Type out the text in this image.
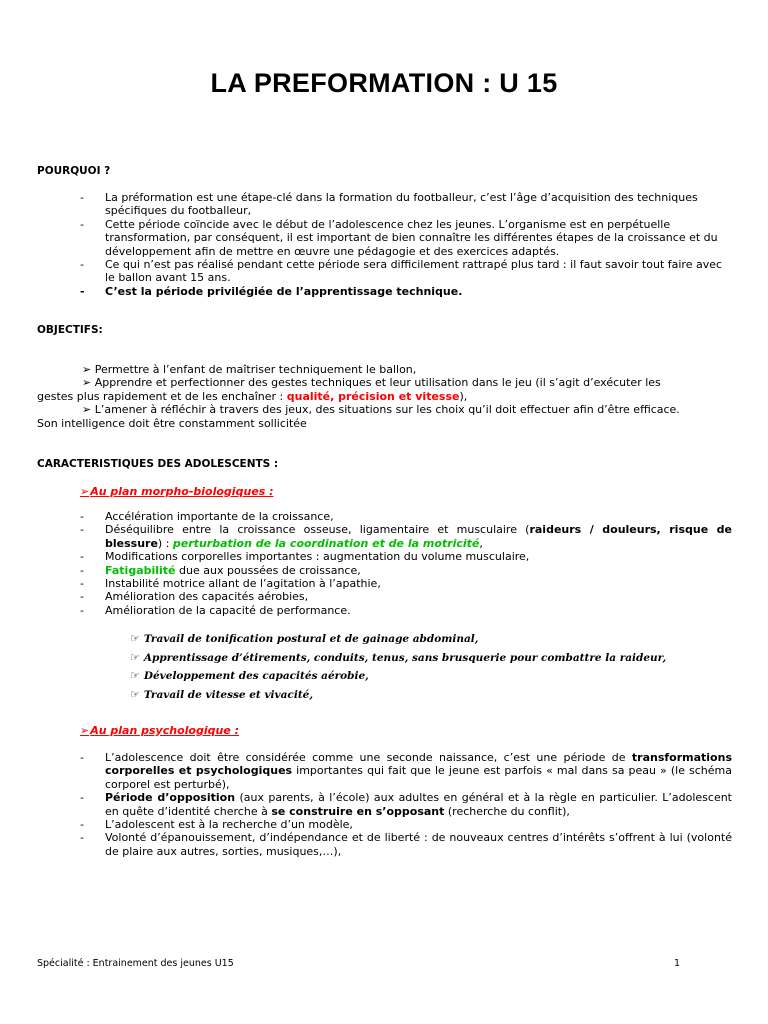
LA PREFORMATION : U 15

POURQUOI ?

- La préformation est une étape-clé dans la formation du footballeur, c’est l’âge d’acquisition des techniques spécifiques du footballeur,
- Cette période coïncide avec le début de l’adolescence chez les jeunes. L’organisme est en perpétuelle transformation, par conséquent, il est important de bien connaître les différentes étapes de la croissance et du développement afin de mettre en œuvre une pédagogie et des exercices adaptés.
- Ce qui n’est pas réalisé pendant cette période sera difficilement rattrapé plus tard : il faut savoir tout faire avec le ballon avant 15 ans.
- C’est la période privilégiée de l’apprentissage technique.

OBJECTIFS:

➢ Permettre à l’enfant de maîtriser techniquement le ballon,

➢ Apprendre et perfectionner des gestes techniques et leur utilisation dans le jeu (il s’agit d’exécuter les

gestes plus rapidement et de les enchaîner : qualité, précision et vitesse),

➢ L’amener à réfléchir à travers des jeux, des situations sur les choix qu’il doit effectuer afin d’être efficace.

Son intelligence doit être constamment sollicitée

CARACTERISTIQUES DES ADOLESCENTS :

➢Au plan morpho-biologiques :

- Accélération importante de la croissance,
- Déséquilibre entre la croissance osseuse, ligamentaire et musculaire (raideurs / douleurs, risque de blessure) : perturbation de la coordination et de la motricité,
- Modifications corporelles importantes : augmentation du volume musculaire,
- Fatigabilité due aux poussées de croissance,
- Instabilité motrice allant de l’agitation à l’apathie,
- Amélioration des capacités aérobies,
- Amélioration de la capacité de performance.
☞ Travail de tonification postural et de gainage abdominal,
☞ Apprentissage d’étirements, conduits, tenus, sans brusquerie pour combattre la raideur,
☞ Développement des capacités aérobie,
☞ Travail de vitesse et vivacité,

➢Au plan psychologique :

- L’adolescence doit être considérée comme une seconde naissance, c’est une période de transformations corporelles et psychologiques importantes qui fait que le jeune est parfois « mal dans sa peau » (le schéma corporel est perturbé),
- Période d’opposition (aux parents, à l’école) aux adultes en général et à la règle en particulier. L’adolescent en quête d’identité cherche à se construire en s’opposant (recherche du conflit),
- L’adolescent est à la recherche d’un modèle,
- Volonté d’épanouissement, d’indépendance et de liberté : de nouveaux centres d’intérêts s’offrent à lui (volonté de plaire aux autres, sorties, musiques,…),
Spécialité : Entrainement des jeunes U15	1
